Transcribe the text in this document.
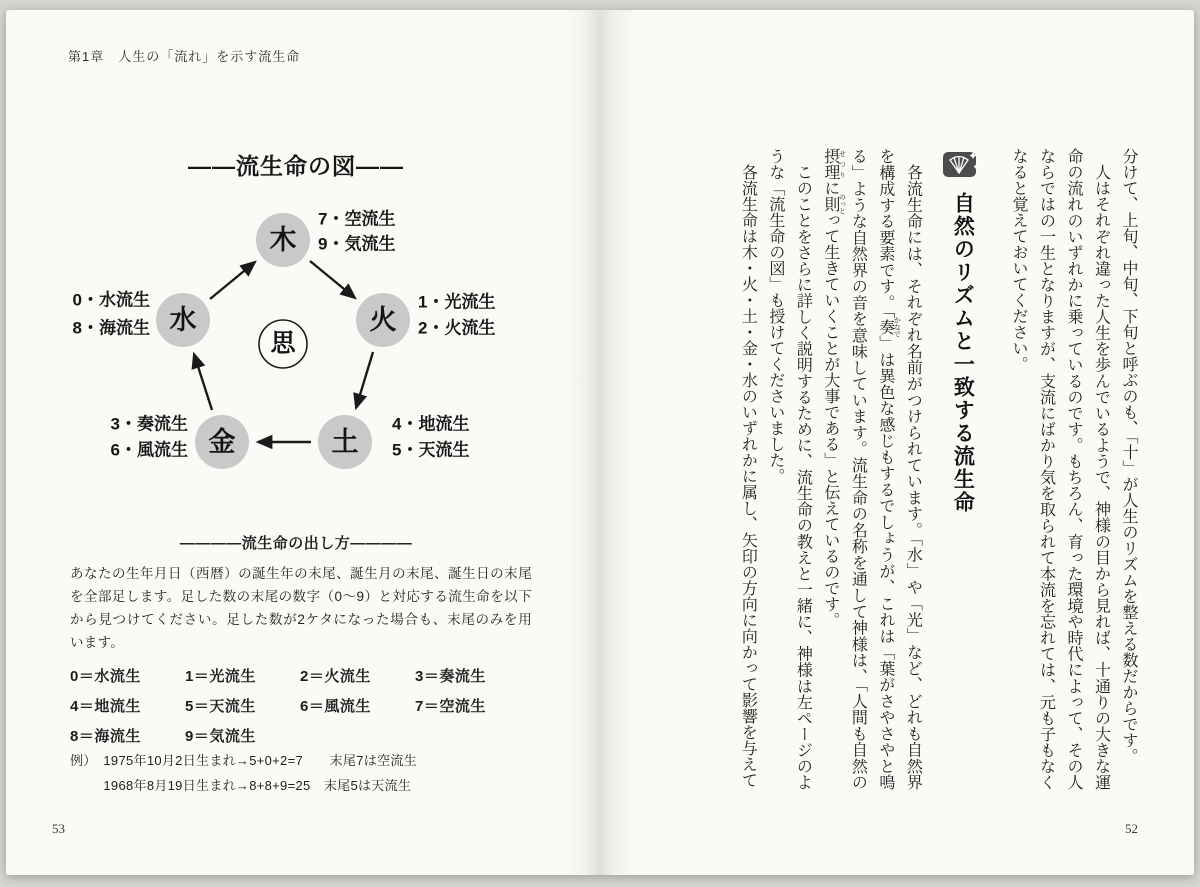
第1章　人生の「流れ」を示す流生命
――流生命の図――
木
火
土
金
水
思
7・空流生
9・気流生
1・光流生
2・火流生
4・地流生
5・天流生
3・奏流生
6・風流生
0・水流生
8・海流生
――――流生命の出し方――――
あなたの生年月日（西暦）の誕生年の末尾、誕生月の末尾、誕生日の末尾を全部足します。足した数の末尾の数字（0〜9）と対応する流生命を以下から見つけてください。足した数が2ケタになった場合も、末尾のみを用います。
0＝水流生	1＝光流生	2＝火流生	3＝奏流生
4＝地流生	5＝天流生	6＝風流生	7＝空流生
8＝海流生	9＝気流生
例）　 1975年10月2日生まれ→5+0+2=7　　末尾7は空流生
1968年8月19日生まれ→8+8+9=25　末尾5は天流生
53

分けて、上旬、中旬、下旬と呼ぶのも、「十」が人生のリズムを整える数だからです。

人はそれぞれ違った人生を歩んでいるようで、神様の目から見れば、十通りの大きな運命の流れのいずれかに乗っているのです。もちろん、育った環境や時代によって、その人ならではの一生となりますが、支流にばかり気を取られて本流を忘れては、元も子もなくなると覚えておいてください。

自然のリズムと一致する流生命

各流生命には、それぞれ名前がつけられています。「水」や「光」など、どれも自然界を構成する要素です。「奏 かなで」は異色な感じもするでしょうが、これは「葉がさやさやと鳴る」ような自然界の音を意味しています。流生命の名称を通して神様は、「人間も自然の摂理 せつりに則 のっとって生きていくことが大事である」と伝えているのです。

このことをさらに詳しく説明するために、流生命の教えと一緒に、神様は左ページのような「流生命の図」も授けてくださいました。

各流生命は木・火・土・金・水のいずれかに属し、矢印の方向に向かって影響を与えて

52
